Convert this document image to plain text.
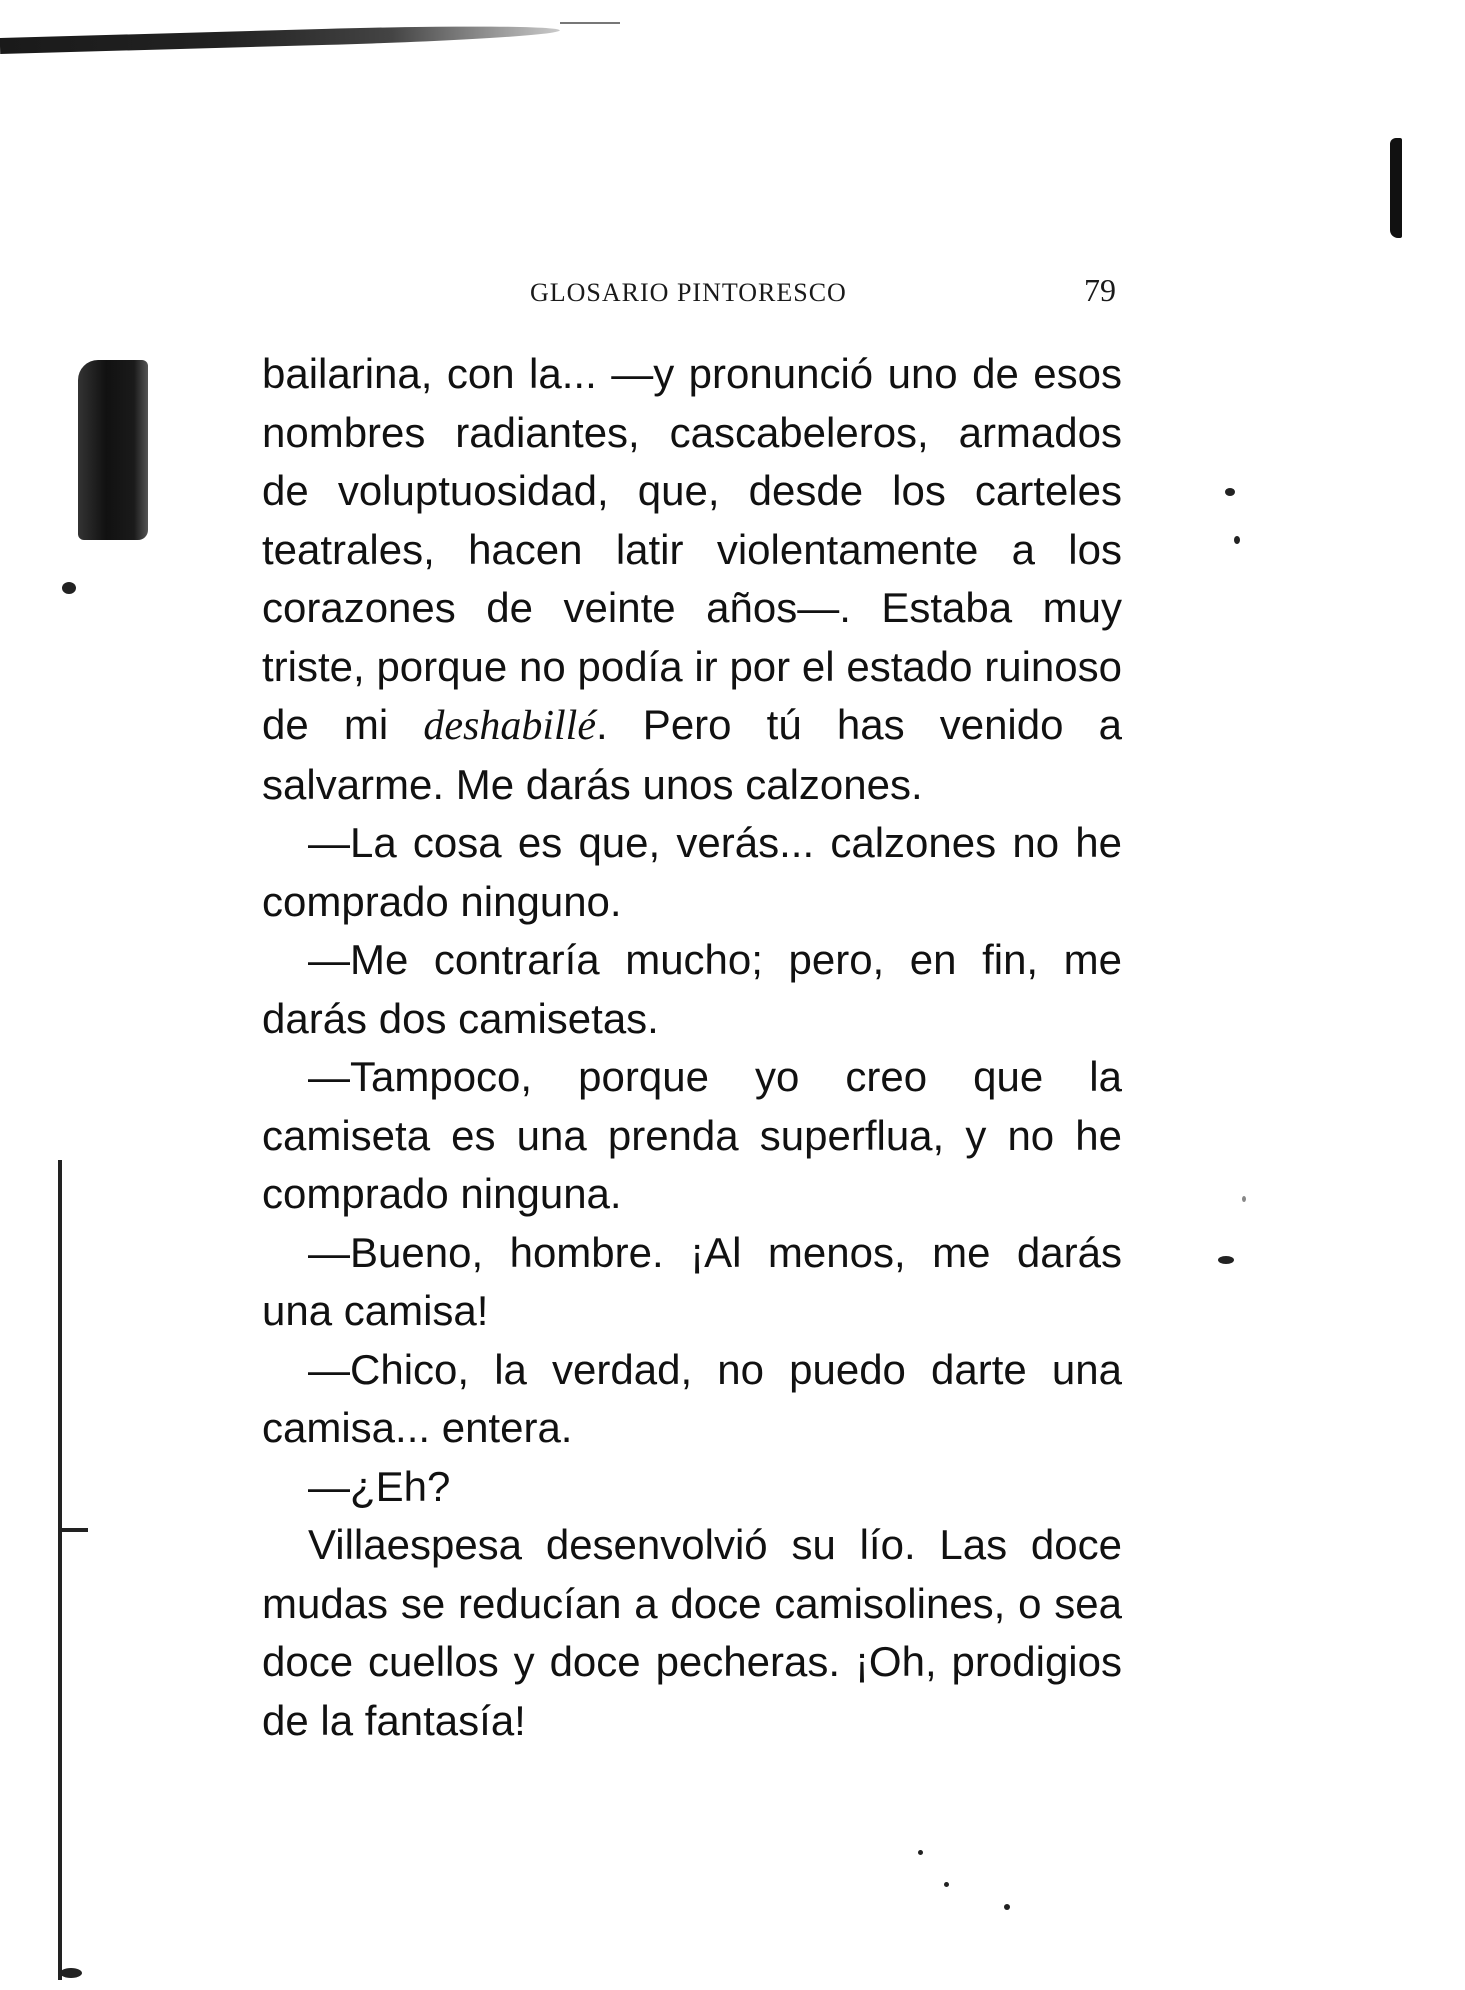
GLOSARIO PINTORESCO	79

bailarina, con la... —y pronunció uno de esos nombres radiantes, cascabeleros, armados de voluptuosidad, que, desde los carteles teatrales, hacen latir violentamente a los corazones de veinte años—. Estaba muy triste, porque no podía ir por el estado ruinoso de mi deshabillé. Pero tú has venido a salvarme. Me darás unos calzones.

—La cosa es que, verás... calzones no he comprado ninguno.

—Me contraría mucho; pero, en fin, me darás dos camisetas.

—Tampoco, porque yo creo que la camiseta es una prenda superflua, y no he comprado ninguna.

—Bueno, hombre. ¡Al menos, me darás una camisa!

—Chico, la verdad, no puedo darte una camisa... entera.

—¿Eh?

Villaespesa desenvolvió su lío. Las doce mudas se reducían a doce camisolines, o sea doce cuellos y doce pecheras. ¡Oh, prodigios de la fantasía!
